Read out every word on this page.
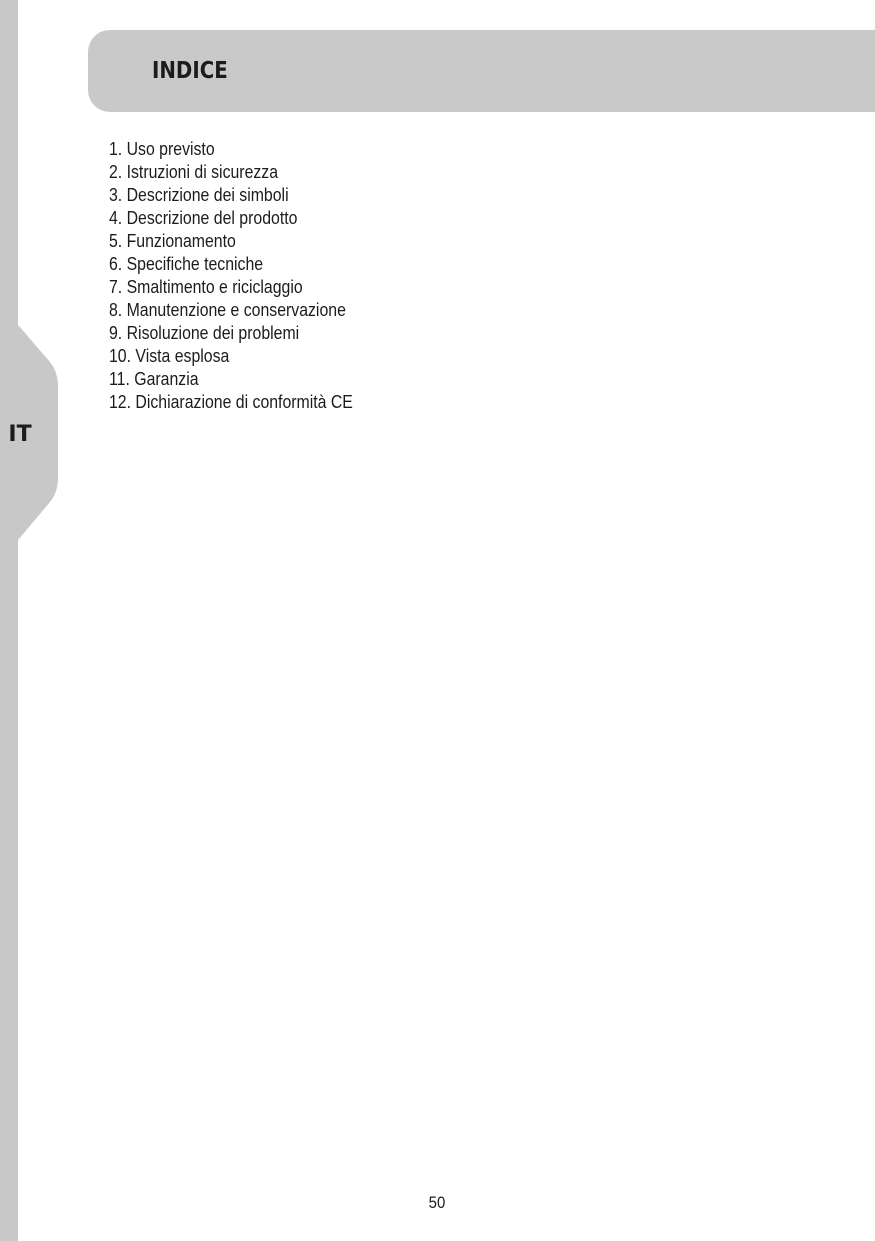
IT
INDICE
1. Uso previsto
2. Istruzioni di sicurezza
3. Descrizione dei simboli
4. Descrizione del prodotto
5. Funzionamento
6. Specifiche tecniche
7. Smaltimento e riciclaggio
8. Manutenzione e conservazione
9. Risoluzione dei problemi
10. Vista esplosa
11. Garanzia
12. Dichiarazione di conformità CE
50
